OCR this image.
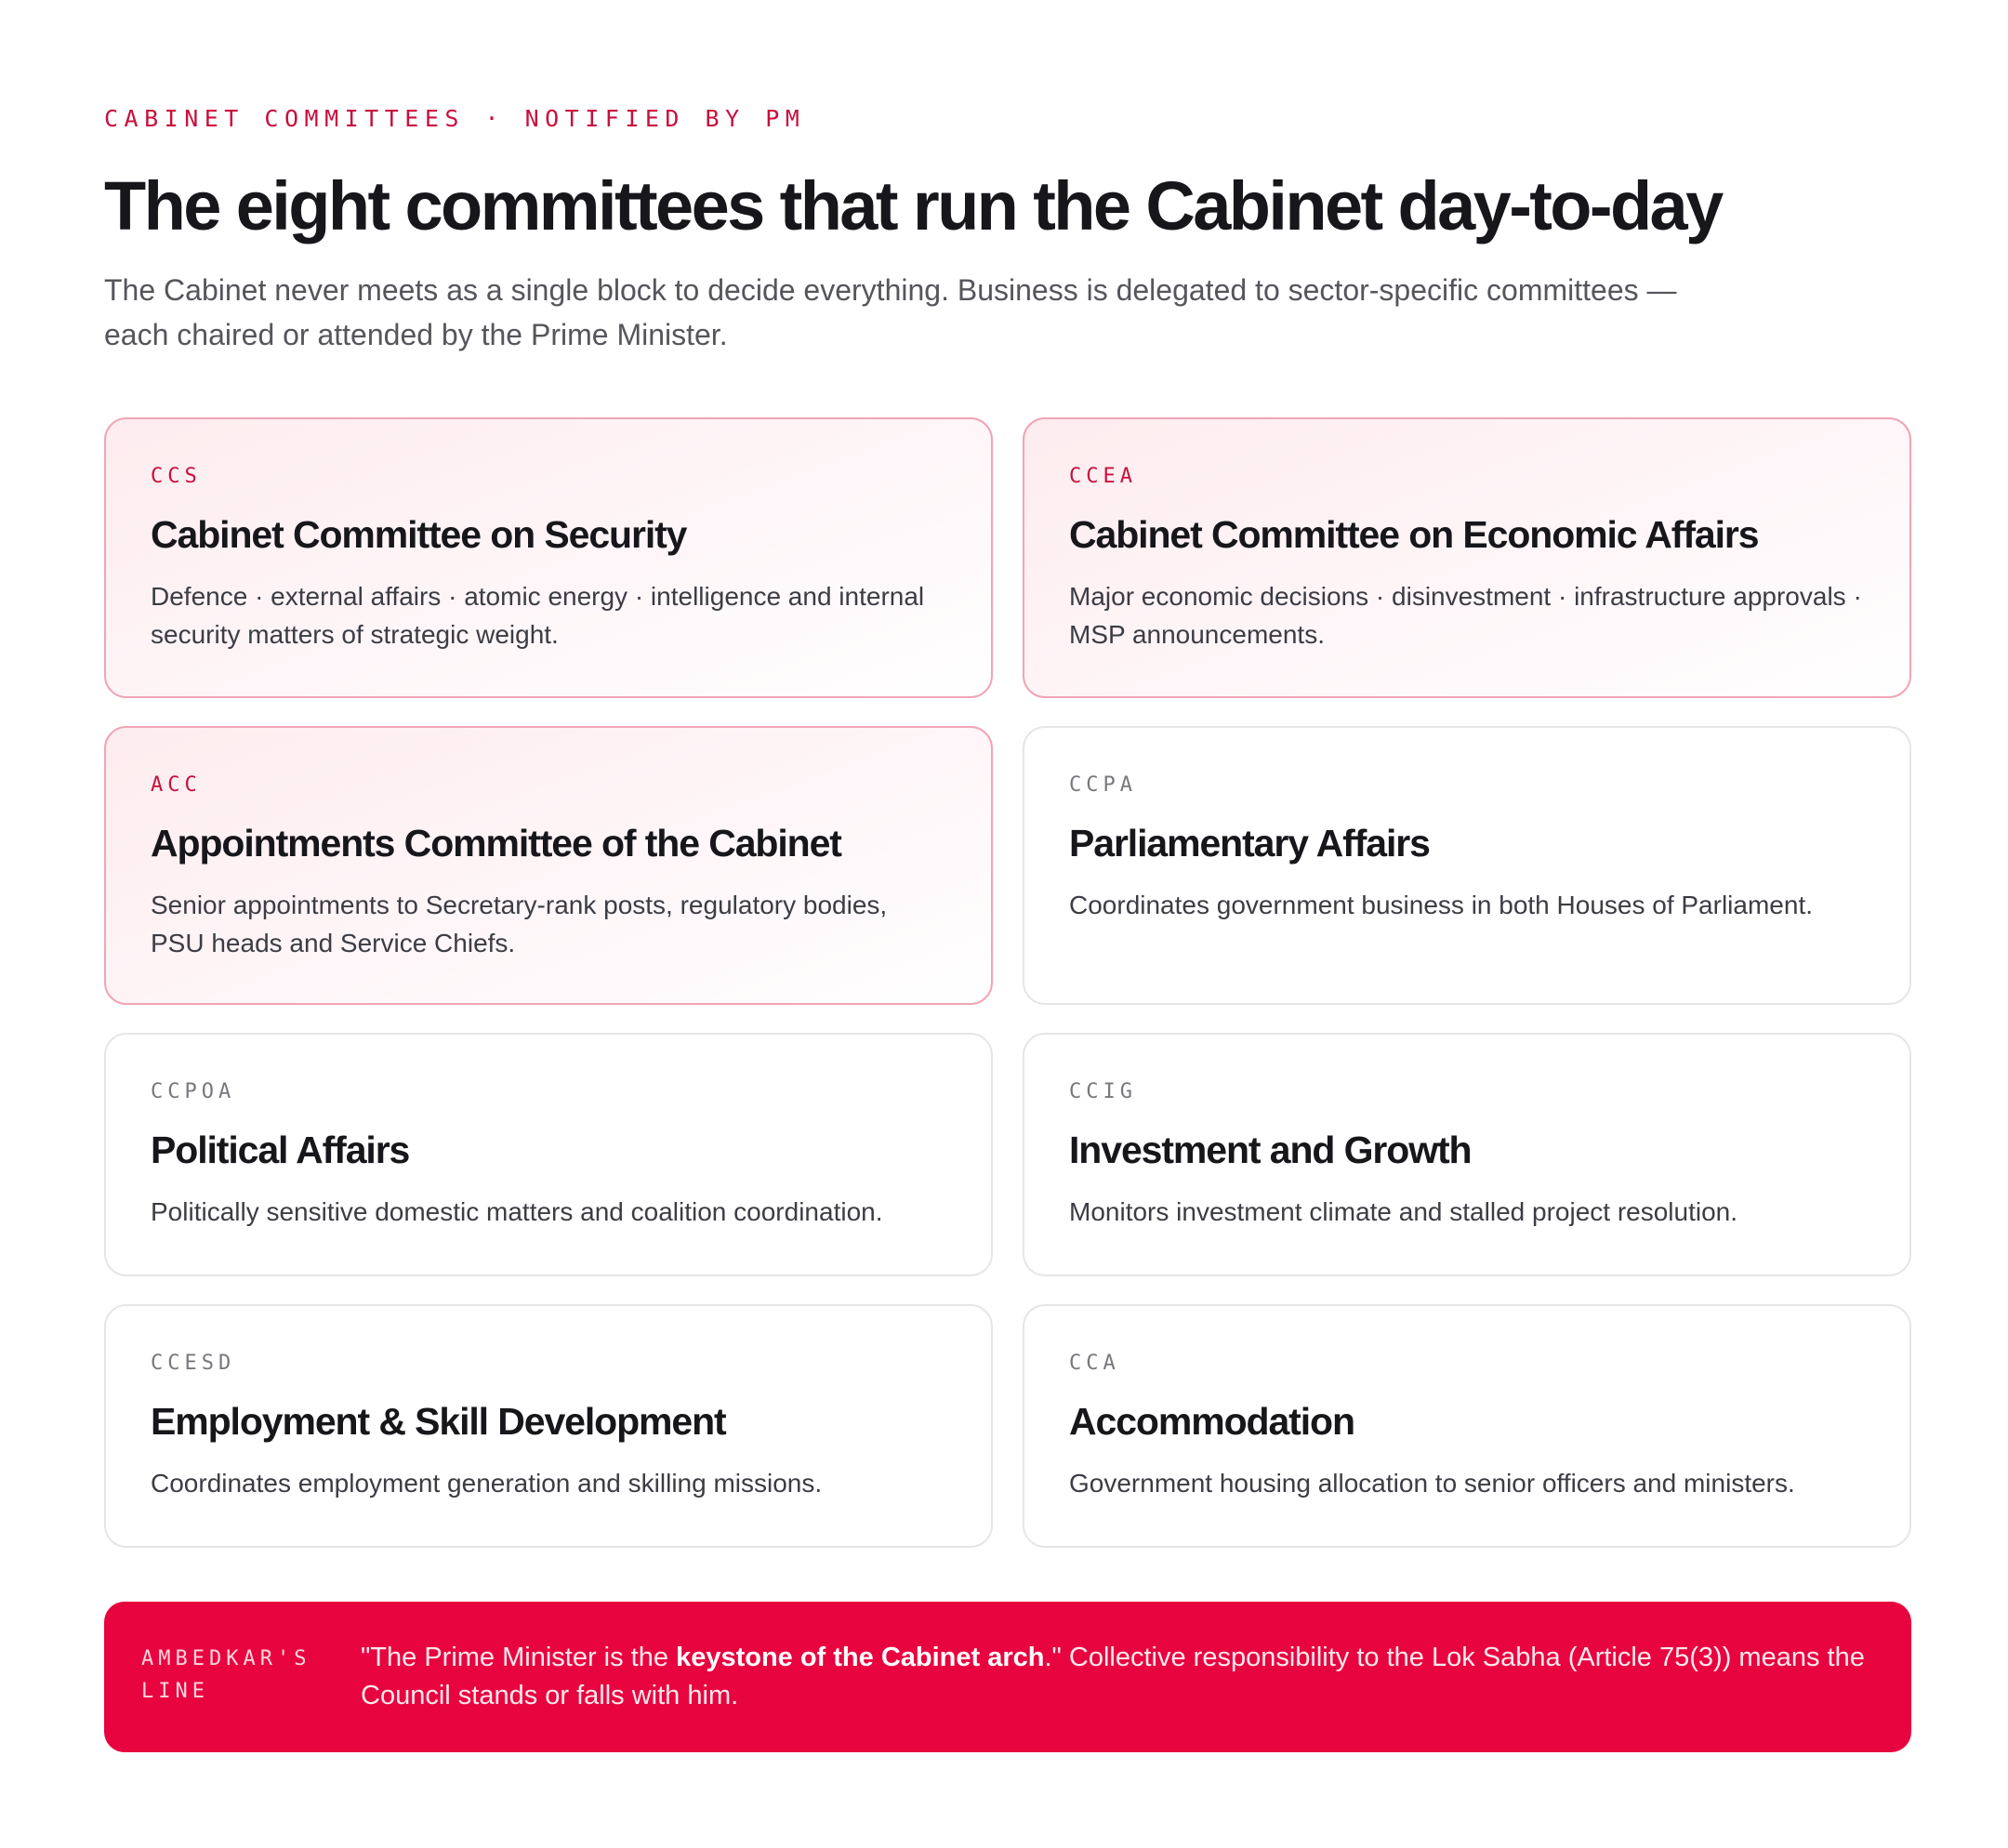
CABINET COMMITTEES · NOTIFIED BY PM
The eight committees that run the Cabinet day-to-day

The Cabinet never meets as a single block to decide everything. Business is delegated to sector-specific committees — each chaired or attended by the Prime Minister.

CCS
Cabinet Committee on Security
Defence · external affairs · atomic energy · intelligence and internal security matters of strategic weight.
CCEA
Cabinet Committee on Economic Affairs
Major economic decisions · disinvestment · infrastructure approvals · MSP announcements.
ACC
Appointments Committee of the Cabinet
Senior appointments to Secretary-rank posts, regulatory bodies, PSU heads and Service Chiefs.
CCPA
Parliamentary Affairs
Coordinates government business in both Houses of Parliament.
CCPOA
Political Affairs
Politically sensitive domestic matters and coalition coordination.
CCIG
Investment and Growth
Monitors investment climate and stalled project resolution.
CCESD
Employment & Skill Development
Coordinates employment generation and skilling missions.
CCA
Accommodation
Government housing allocation to senior officers and ministers.
AMBEDKAR'S LINE
"The Prime Minister is the keystone of the Cabinet arch." Collective responsibility to the Lok Sabha (Article 75(3)) means the Council stands or falls with him.
